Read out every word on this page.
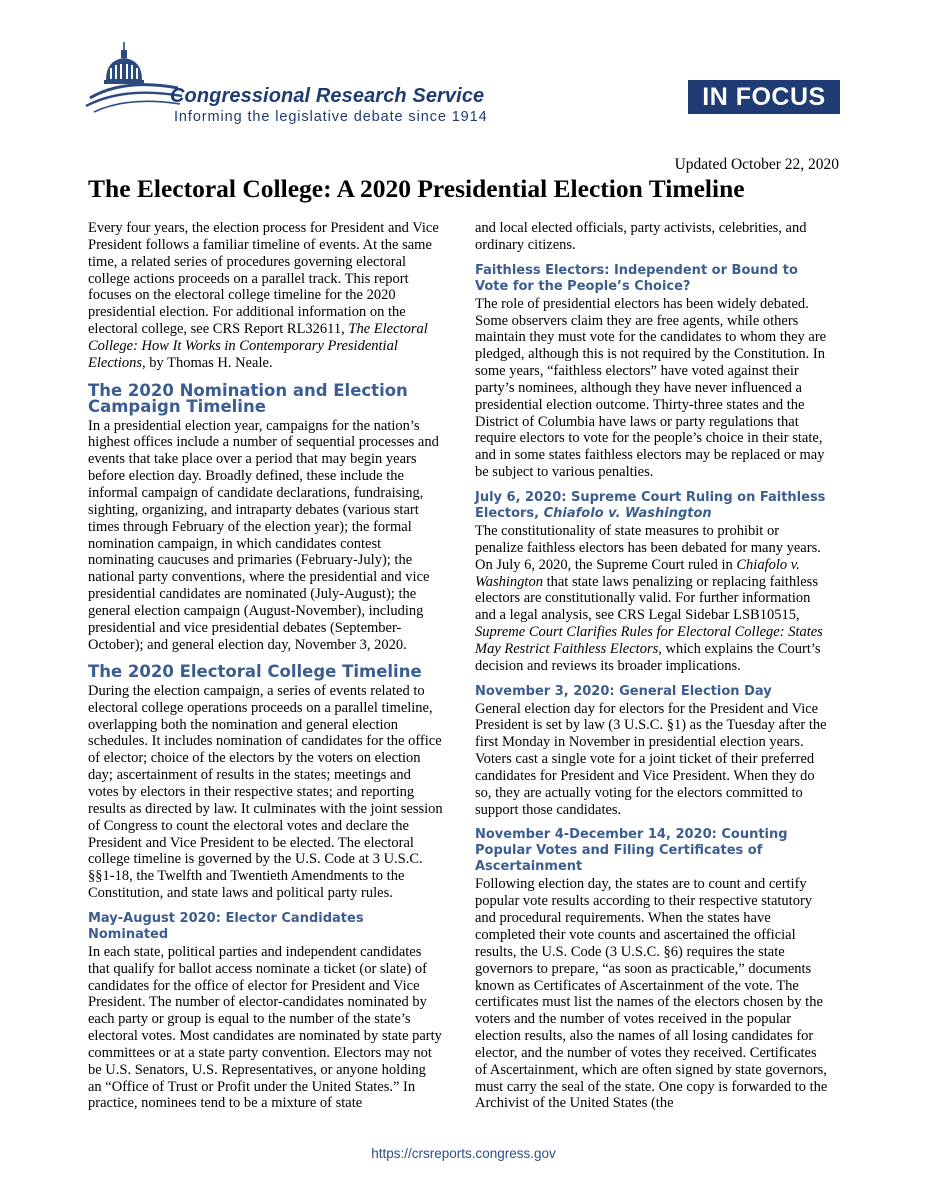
Congressional Research Service
Informing the legislative debate since 1914
IN FOCUS
Updated October 22, 2020
The Electoral College: A 2020 Presidential Election Timeline

Every four years, the election process for President and Vice President follows a familiar timeline of events. At the same time, a related series of procedures governing electoral college actions proceeds on a parallel track. This report focuses on the electoral college timeline for the 2020 presidential election. For additional information on the electoral college, see CRS Report RL32611, The Electoral College: How It Works in Contemporary Presidential Elections, by Thomas H. Neale.

The 2020 Nomination and Election Campaign Timeline

In a presidential election year, campaigns for the nation’s highest offices include a number of sequential processes and events that take place over a period that may begin years before election day. Broadly defined, these include the informal campaign of candidate declarations, fundraising, sighting, organizing, and intraparty debates (various start times through February of the election year); the formal nomination campaign, in which candidates contest nominating caucuses and primaries (February-July); the national party conventions, where the presidential and vice presidential candidates are nominated (July-August); the general election campaign (August-November), including presidential and vice presidential debates (September-October); and general election day, November 3, 2020.

The 2020 Electoral College Timeline

During the election campaign, a series of events related to electoral college operations proceeds on a parallel timeline, overlapping both the nomination and general election schedules. It includes nomination of candidates for the office of elector; choice of the electors by the voters on election day; ascertainment of results in the states; meetings and votes by electors in their respective states; and reporting results as directed by law. It culminates with the joint session of Congress to count the electoral votes and declare the President and Vice President to be elected. The electoral college timeline is governed by the U.S. Code at 3 U.S.C. §§1-18, the Twelfth and Twentieth Amendments to the Constitution, and state laws and political party rules.

May-August 2020: Elector Candidates Nominated

In each state, political parties and independent candidates that qualify for ballot access nominate a ticket (or slate) of candidates for the office of elector for President and Vice President. The number of elector-candidates nominated by each party or group is equal to the number of the state’s electoral votes. Most candidates are nominated by state party committees or at a state party convention. Electors may not be U.S. Senators, U.S. Representatives, or anyone holding an “Office of Trust or Profit under the United States.” In practice, nominees tend to be a mixture of state

and local elected officials, party activists, celebrities, and ordinary citizens.

Faithless Electors: Independent or Bound to Vote for the People’s Choice?

The role of presidential electors has been widely debated. Some observers claim they are free agents, while others maintain they must vote for the candidates to whom they are pledged, although this is not required by the Constitution. In some years, “faithless electors” have voted against their party’s nominees, although they have never influenced a presidential election outcome. Thirty-three states and the District of Columbia have laws or party regulations that require electors to vote for the people’s choice in their state, and in some states faithless electors may be replaced or may be subject to various penalties.

July 6, 2020: Supreme Court Ruling on Faithless Electors, Chiafolo v. Washington

The constitutionality of state measures to prohibit or penalize faithless electors has been debated for many years. On July 6, 2020, the Supreme Court ruled in Chiafolo v. Washington that state laws penalizing or replacing faithless electors are constitutionally valid. For further information and a legal analysis, see CRS Legal Sidebar LSB10515, Supreme Court Clarifies Rules for Electoral College: States May Restrict Faithless Electors, which explains the Court’s decision and reviews its broader implications.

November 3, 2020: General Election Day

General election day for electors for the President and Vice President is set by law (3 U.S.C. §1) as the Tuesday after the first Monday in November in presidential election years. Voters cast a single vote for a joint ticket of their preferred candidates for President and Vice President. When they do so, they are actually voting for the electors committed to support those candidates.

November 4-December 14, 2020: Counting Popular Votes and Filing Certificates of Ascertainment

Following election day, the states are to count and certify popular vote results according to their respective statutory and procedural requirements. When the states have completed their vote counts and ascertained the official results, the U.S. Code (3 U.S.C. §6) requires the state governors to prepare, “as soon as practicable,” documents known as Certificates of Ascertainment of the vote. The certificates must list the names of the electors chosen by the voters and the number of votes received in the popular election results, also the names of all losing candidates for elector, and the number of votes they received. Certificates of Ascertainment, which are often signed by state governors, must carry the seal of the state. One copy is forwarded to the Archivist of the United States (the

https://crsreports.congress.gov
